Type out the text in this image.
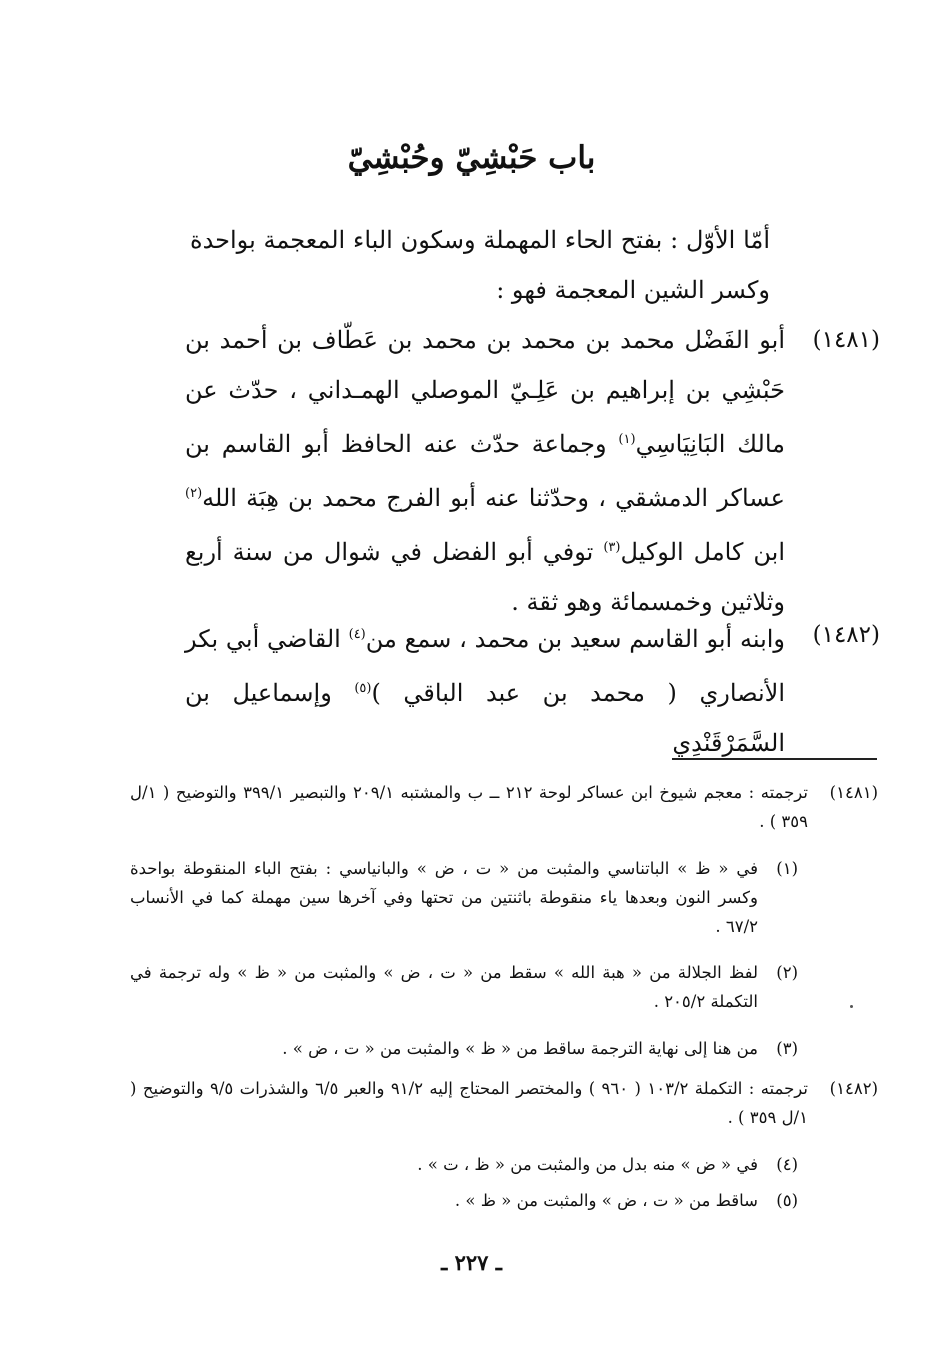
باب حَبْشِيّ وحُبْشِيّ
أمّا الأوّل : بفتح الحاء المهملة وسكون الباء المعجمة بواحدة وكسر الشين المعجمة فهو :
(١٤٨١)
أبو الفَضْل محمد بن محمد بن محمد بن عَطّاف بن أحمد بن حَبْشِي بن إبراهيم بن عَلِـيّ الموصلي الهمـداني ، حدّث عن مالك البَانِيَاسِي$^{(١)}$ وجماعة حدّث عنه الحافظ أبو القاسم بن عساكر الدمشقي ، وحدّثنا عنه أبو الفرج محمد بن هِبَة الله$^{(٢)}$ ابن كامل الوكيل$^{(٣)}$ توفي أبو الفضل في شوال من سنة أربع وثلاثين وخمسمائة وهو ثقة .
(١٤٨٢)
وابنه أبو القاسم سعيد بن محمد ، سمع من$^{(٤)}$ القاضي أبي بكر الأنصاري ( محمد بن عبد الباقي )$^{(٥)}$ وإسماعيل بن السَّمَرْقَنْدِي
(١٤٨١)
ترجمته : معجم شيوخ ابن عساكر لوحة ٢١٢ ــ ب والمشتبه ٢٠٩/١ والتبصير ٣٩٩/١ والتوضيح ( ١/ل ٣٥٩ ) .
(١)
في « ظ » الباتناسي والمثبت من « ت ، ض » والبانياسي : بفتح الباء المنقوطة بواحدة وكسر النون وبعدها ياء منقوطة باثنتين من تحتها وفي آخرها سين مهملة كما في الأنساب ٦٧/٢ .
(٢)
لفظ الجلالة من « هبة الله » سقط من « ت ، ض » والمثبت من « ظ » وله ترجمة في التكملة ٢٠٥/٢ .
(٣)
من هنا إلى نهاية الترجمة ساقط من « ظ » والمثبت من « ت ، ض » .
(١٤٨٢)
ترجمته : التكملة ١٠٣/٢ ( ٩٦٠ ) والمختصر المحتاج إليه ٩١/٢ والعبر ٦/٥ والشذرات ٩/٥ والتوضيح ( ١/ل ٣٥٩ ) .
(٤)
في « ض » منه بدل من والمثبت من « ظ ، ت » .
(٥)
ساقط من « ت ، ض » والمثبت من « ظ » .
ـ ٢٢٧ ـ
